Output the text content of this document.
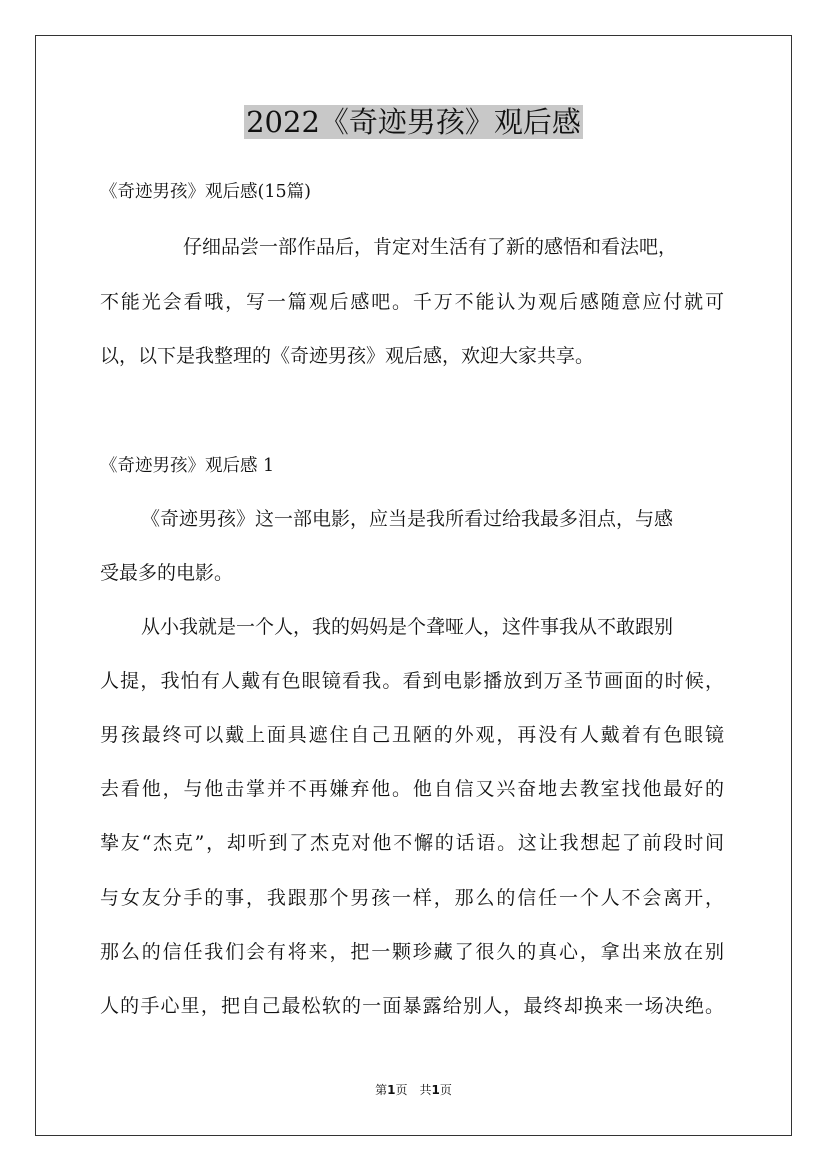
2022《奇迹男孩》观后感

《奇迹男孩》观后感(15篇)

仔细品尝一部作品后，肯定对生活有了新的感悟和看法吧，

不能光会看哦，写一篇观后感吧。千万不能认为观后感随意应付就可

以，以下是我整理的《奇迹男孩》观后感，欢迎大家共享。

《奇迹男孩》观后感 1

《奇迹男孩》这一部电影，应当是我所看过给我最多泪点，与感

受最多的电影。

从小我就是一个人，我的妈妈是个聋哑人，这件事我从不敢跟别

人提，我怕有人戴有色眼镜看我。看到电影播放到万圣节画面的时候，

男孩最终可以戴上面具遮住自己丑陋的外观，再没有人戴着有色眼镜

去看他，与他击掌并不再嫌弃他。他自信又兴奋地去教室找他最好的

挚友“杰克”，却听到了杰克对他不懈的话语。这让我想起了前段时间

与女友分手的事，我跟那个男孩一样，那么的信任一个人不会离开，

那么的信任我们会有将来，把一颗珍藏了很久的真心，拿出来放在别

人的手心里，把自己最松软的一面暴露给别人，最终却换来一场决绝。

第1页　共1页
